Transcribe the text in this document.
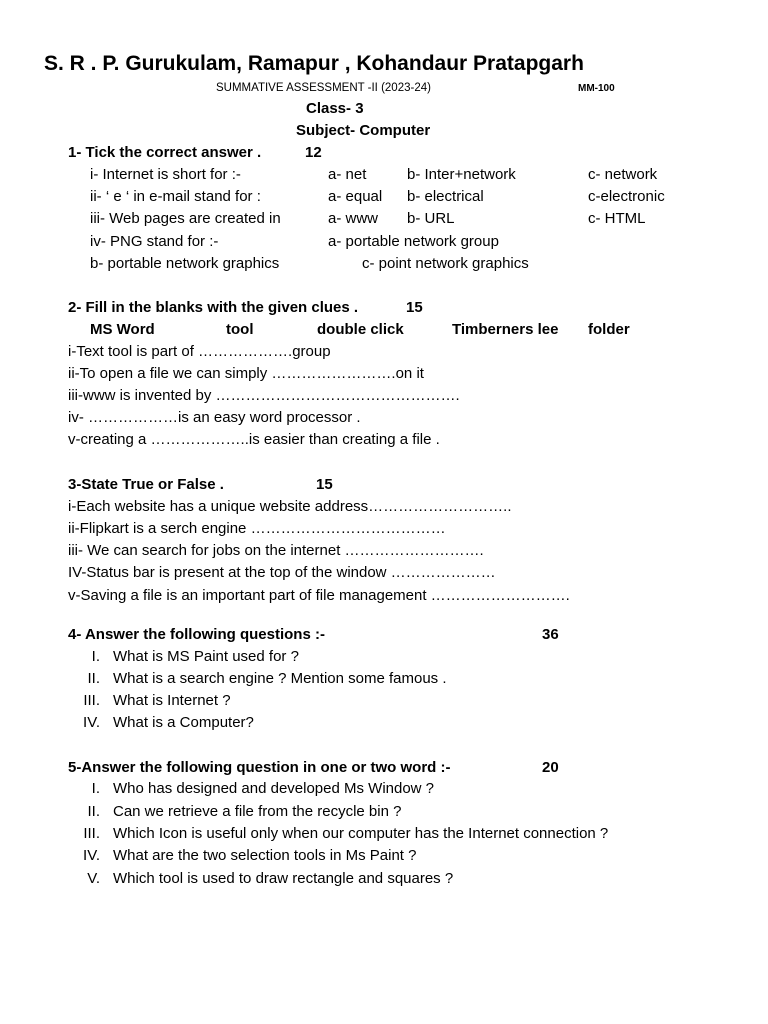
S. R . P. Gurukulam, Ramapur , Kohandaur Pratapgarh
SUMMATIVE ASSESSMENT -II (2023-24)	MM-100
Class- 3
Subject- Computer
1- Tick the correct answer .	12
i- Internet is short for :-	a- net	b- Inter+network	c- network
ii- ‘ e ‘ in e-mail stand for :	a- equal b- electrical	c-electronic
iii- Web pages are created in	a- www b- URL	c- HTML
iv- PNG stand for :-	a- portable network group
b- portable network graphics	c- point network graphics
2- Fill in the blanks with the given clues .	15
MS Word	tool	double click	Timberners lee folder
i-Text tool is part of ……………….group
ii-To open a file we can simply …………………….on it
iii-www is invented by ………………………………………….
iv- ………………is an easy word processor .
v-creating a ………………..is easier than creating a file .
3-State True or False .	15
i-Each website has a unique website address………………………..
ii-Flipkart is a serch engine …………………………………
iii- We can search for jobs on the internet ……………………….
IV-Status bar is present at the top of the window …………………
v-Saving a file is an important part of file management ……………………….
4- Answer the following questions :-	36
I. What is MS Paint used for ?
II. What is a search engine ? Mention some famous .
III. What is Internet ?
IV. What is a Computer?
5-Answer the following question in one or two word :-	20
I. Who has designed and developed Ms Window ?
II. Can we retrieve a file from the recycle bin ?
III. Which Icon is useful only when our computer has the Internet connection ?
IV. What are the two selection tools in Ms Paint ?
V. Which tool is used to draw rectangle and squares ?
